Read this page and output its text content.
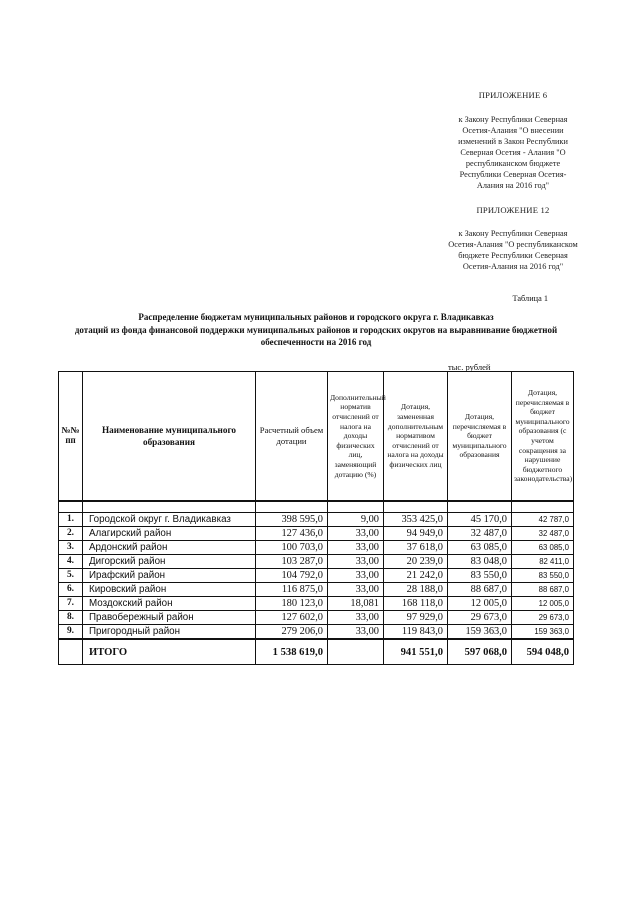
ПРИЛОЖЕНИЕ 6
к Закону Республики Северная Осетия-Алания "О внесении изменений в Закон Республики Северная Осетия - Алания "О республиканском бюджете Республики Северная Осетия-Алания на 2016 год"
ПРИЛОЖЕНИЕ 12
к Закону Республики Северная Осетия-Алания "О республиканском бюджете Республики Северная Осетия-Алания на 2016 год"
Таблица 1
Распределение бюджетам муниципальных районов и городского округа г. Владикавказ
дотаций из фонда финансовой поддержки муниципальных районов и городских округов на выравнивание бюджетной
обеспеченности на 2016 год
тыс. рублей
№№ пп	Наименование муниципального образования	Расчетный объем дотации	Дополнительный норматив отчислений от налога на доходы физических лиц, заменяющий дотацию (%)	Дотация, замененная дополнительным нормативом отчислений от налога на доходы физических лиц	Дотация, перечисляемая в бюджет муниципального образования	Дотация, перечисляемая в бюджет муниципального образования (с учетом сокращения за нарушение бюджетного законодательства)

1.	Городской округ г. Владикавказ	398 595,0	9,00	353 425,0	45 170,0	42 787,0
2.	Алагирский район	127 436,0	33,00	94 949,0	32 487,0	32 487,0
3.	Ардонский район	100 703,0	33,00	37 618,0	63 085,0	63 085,0
4.	Дигорский район	103 287,0	33,00	20 239,0	83 048,0	82 411,0
5.	Ирафский район	104 792,0	33,00	21 242,0	83 550,0	83 550,0
6.	Кировский район	116 875,0	33,00	28 188,0	88 687,0	88 687,0
7.	Моздокский район	180 123,0	18,081	168 118,0	12 005,0	12 005,0
8.	Правобережный район	127 602,0	33,00	97 929,0	29 673,0	29 673,0
9.	Пригородный район	279 206,0	33,00	119 843,0	159 363,0	159 363,0
	ИТОГО	1 538 619,0		941 551,0	597 068,0	594 048,0
